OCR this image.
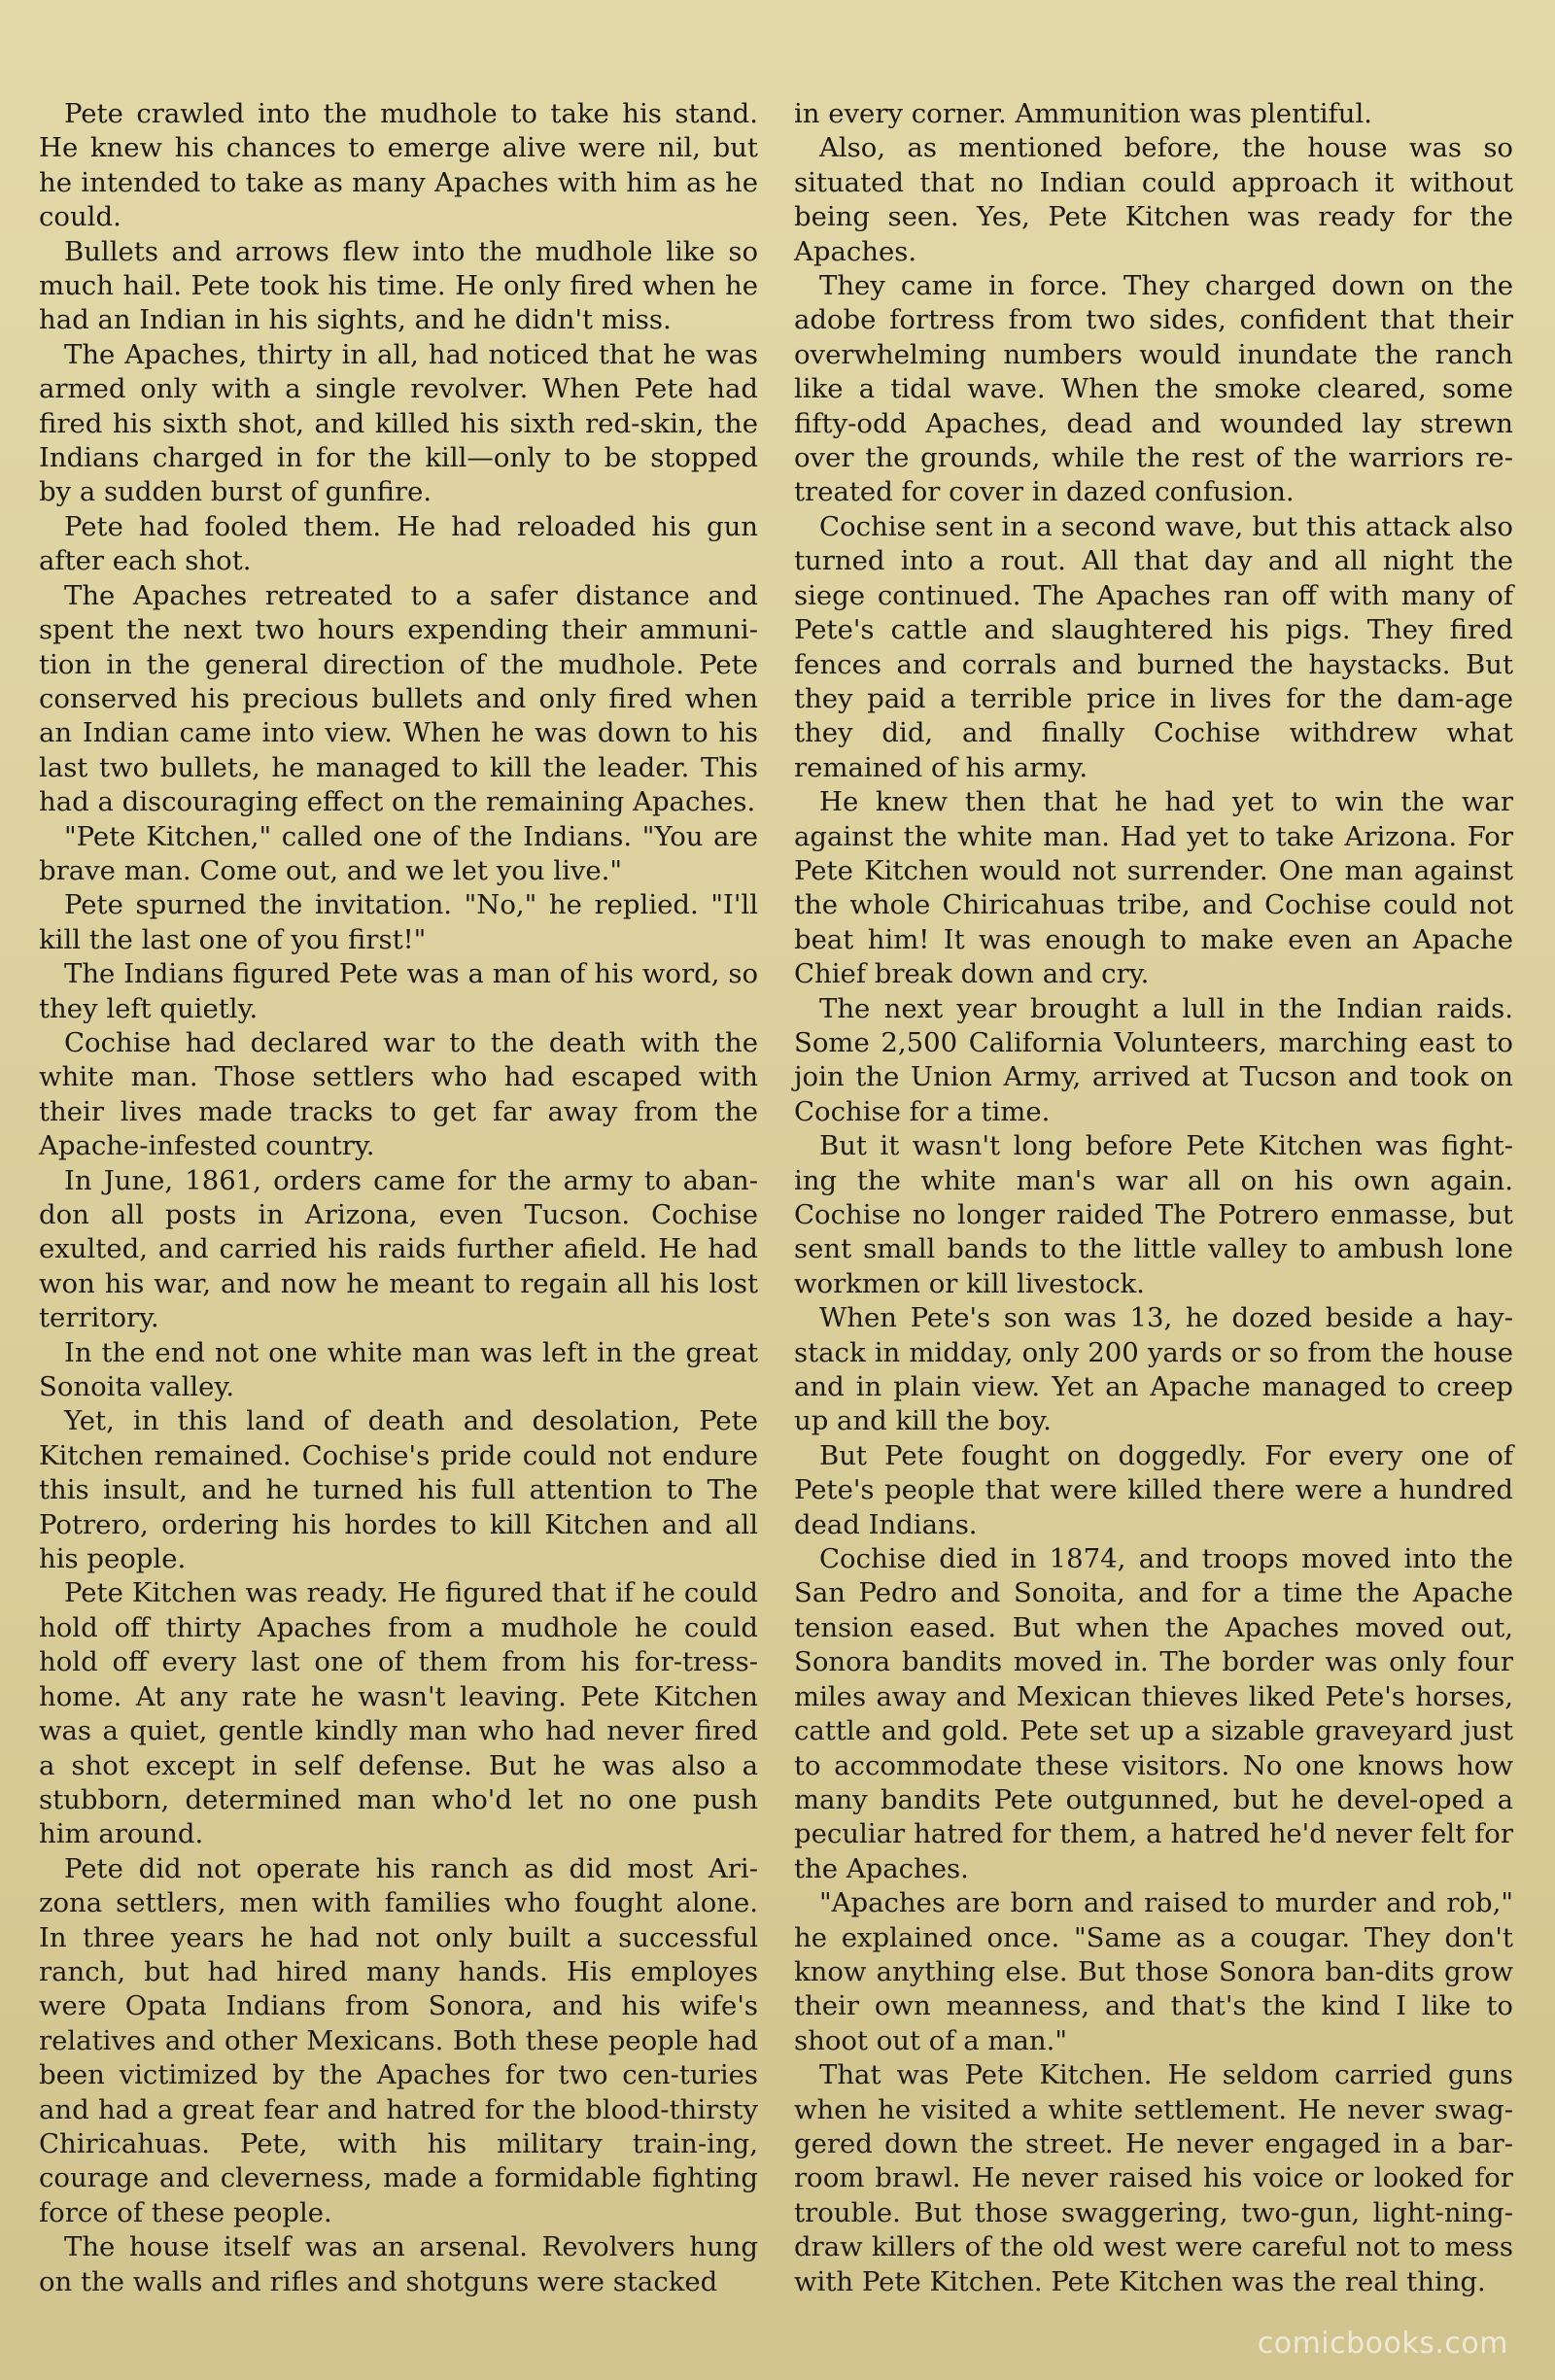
Pete crawled into the mudhole to take his stand. He knew his chances to emerge alive were nil, but he intended to take as many Apaches with him as he could.

Bullets and arrows flew into the mudhole like so much hail. Pete took his time. He only fired when he had an Indian in his sights, and he didn't miss.

The Apaches, thirty in all, had noticed that he was armed only with a single revolver. When Pete had fired his sixth shot, and killed his sixth red-skin, the Indians charged in for the kill—only to be stopped by a sudden burst of gunfire.

Pete had fooled them. He had reloaded his gun after each shot.

The Apaches retreated to a safer distance and spent the next two hours expending their ammuni-tion in the general direction of the mudhole. Pete conserved his precious bullets and only fired when an Indian came into view. When he was down to his last two bullets, he managed to kill the leader. This had a discouraging effect on the remaining Apaches.

"Pete Kitchen," called one of the Indians. "You are brave man. Come out, and we let you live."

Pete spurned the invitation. "No," he replied. "I'll kill the last one of you first!"

The Indians figured Pete was a man of his word, so they left quietly.

Cochise had declared war to the death with the white man. Those settlers who had escaped with their lives made tracks to get far away from the Apache-infested country.

In June, 1861, orders came for the army to aban-don all posts in Arizona, even Tucson. Cochise exulted, and carried his raids further afield. He had won his war, and now he meant to regain all his lost territory.

In the end not one white man was left in the great Sonoita valley.

Yet, in this land of death and desolation, Pete Kitchen remained. Cochise's pride could not endure this insult, and he turned his full attention to The Potrero, ordering his hordes to kill Kitchen and all his people.

Pete Kitchen was ready. He figured that if he could hold off thirty Apaches from a mudhole he could hold off every last one of them from his for-tress-home. At any rate he wasn't leaving. Pete Kitchen was a quiet, gentle kindly man who had never fired a shot except in self defense. But he was also a stubborn, determined man who'd let no one push him around.

Pete did not operate his ranch as did most Ari-zona settlers, men with families who fought alone. In three years he had not only built a successful ranch, but had hired many hands. His employes were Opata Indians from Sonora, and his wife's relatives and other Mexicans. Both these people had been victimized by the Apaches for two cen-turies and had a great fear and hatred for the blood-thirsty Chiricahuas. Pete, with his military train-ing, courage and cleverness, made a formidable fighting force of these people.

The house itself was an arsenal. Revolvers hung on the walls and rifles and shotguns were stacked

in every corner. Ammunition was plentiful.

Also, as mentioned before, the house was so situated that no Indian could approach it without being seen. Yes, Pete Kitchen was ready for the Apaches.

They came in force. They charged down on the adobe fortress from two sides, confident that their overwhelming numbers would inundate the ranch like a tidal wave. When the smoke cleared, some fifty-odd Apaches, dead and wounded lay strewn over the grounds, while the rest of the warriors re-treated for cover in dazed confusion.

Cochise sent in a second wave, but this attack also turned into a rout. All that day and all night the siege continued. The Apaches ran off with many of Pete's cattle and slaughtered his pigs. They fired fences and corrals and burned the haystacks. But they paid a terrible price in lives for the dam-age they did, and finally Cochise withdrew what remained of his army.

He knew then that he had yet to win the war against the white man. Had yet to take Arizona. For Pete Kitchen would not surrender. One man against the whole Chiricahuas tribe, and Cochise could not beat him! It was enough to make even an Apache Chief break down and cry.

The next year brought a lull in the Indian raids. Some 2,500 California Volunteers, marching east to join the Union Army, arrived at Tucson and took on Cochise for a time.

But it wasn't long before Pete Kitchen was fight-ing the white man's war all on his own again. Cochise no longer raided The Potrero enmasse, but sent small bands to the little valley to ambush lone workmen or kill livestock.

When Pete's son was 13, he dozed beside a hay-stack in midday, only 200 yards or so from the house and in plain view. Yet an Apache managed to creep up and kill the boy.

But Pete fought on doggedly. For every one of Pete's people that were killed there were a hundred dead Indians.

Cochise died in 1874, and troops moved into the San Pedro and Sonoita, and for a time the Apache tension eased. But when the Apaches moved out, Sonora bandits moved in. The border was only four miles away and Mexican thieves liked Pete's horses, cattle and gold. Pete set up a sizable graveyard just to accommodate these visitors. No one knows how many bandits Pete outgunned, but he devel-oped a peculiar hatred for them, a hatred he'd never felt for the Apaches.

"Apaches are born and raised to murder and rob," he explained once. "Same as a cougar. They don't know anything else. But those Sonora ban-dits grow their own meanness, and that's the kind I like to shoot out of a man."

That was Pete Kitchen. He seldom carried guns when he visited a white settlement. He never swag-gered down the street. He never engaged in a bar-room brawl. He never raised his voice or looked for trouble. But those swaggering, two-gun, light-ning-draw killers of the old west were careful not to mess with Pete Kitchen. Pete Kitchen was the real thing.

comicbooks.com
